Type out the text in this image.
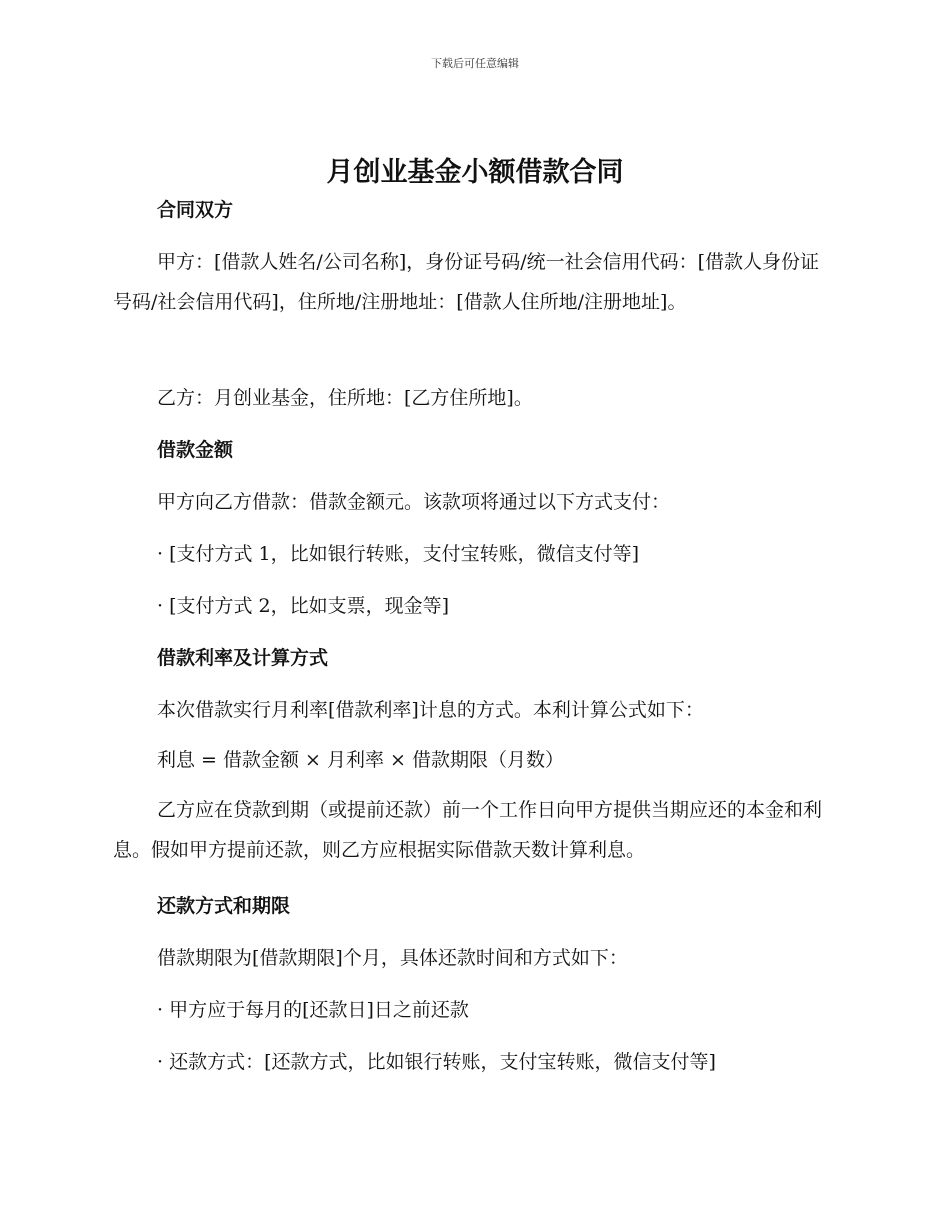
下载后可任意编辑
月创业基金小额借款合同
合同双方
甲方：[借款人姓名/公司名称]，身份证号码/统一社会信用代码：[借款人身份证号码/社会信用代码]，住所地/注册地址：[借款人住所地/注册地址]。
乙方：月创业基金，住所地：[乙方住所地]。
借款金额
甲方向乙方借款：借款金额元。该款项将通过以下方式支付：
· [支付方式 1，比如银行转账，支付宝转账，微信支付等]
· [支付方式 2，比如支票，现金等]
借款利率及计算方式
本次借款实行月利率[借款利率]计息的方式。本利计算公式如下：
利息 = 借款金额 × 月利率 × 借款期限（月数）
乙方应在贷款到期（或提前还款）前一个工作日向甲方提供当期应还的本金和利息。假如甲方提前还款，则乙方应根据实际借款天数计算利息。
还款方式和期限
借款期限为[借款期限]个月，具体还款时间和方式如下：
· 甲方应于每月的[还款日]日之前还款
· 还款方式：[还款方式，比如银行转账，支付宝转账，微信支付等]
